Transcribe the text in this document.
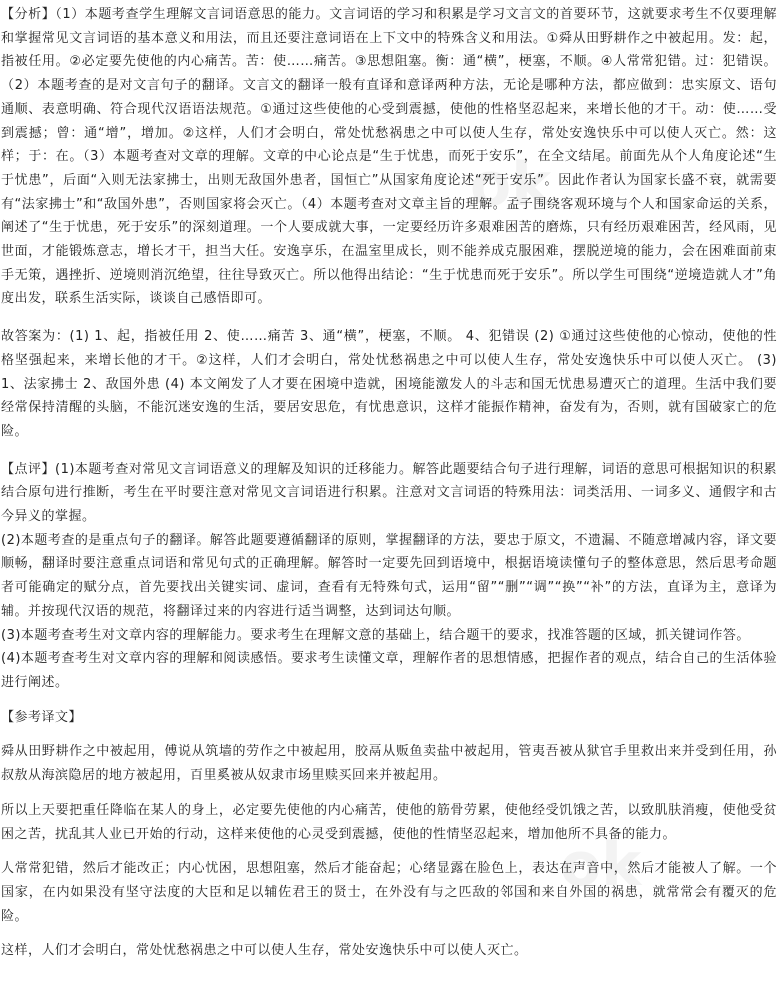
ok
ok

【分析】（1）本题考查学生理解文言词语意思的能力。文言词语的学习和积累是学习文言文的首要环节，这就要求考生不仅要理解和掌握常见文言词语的基本意义和用法，而且还要注意词语在上下文中的特殊含义和用法。①舜从田野耕作之中被起用。发：起，指被任用。②必定要先使他的内心痛苦。苦：使……痛苦。③思想阻塞。衡：通“横”，梗塞，不顺。④人常常犯错。过：犯错误。（2）本题考查的是对文言句子的翻译。文言文的翻译一般有直译和意译两种方法，无论是哪种方法，都应做到：忠实原文、语句通顺、表意明确、符合现代汉语语法规范。①通过这些使他的心受到震撼，使他的性格坚忍起来，来增长他的才干。动：使……受到震撼；曾：通“增”，增加。②这样，人们才会明白，常处忧愁祸患之中可以使人生存，常处安逸快乐中可以使人灭亡。然：这样；于：在。（3）本题考查对文章的理解。文章的中心论点是“生于忧患，而死于安乐”，在全文结尾。前面先从个人角度论述“生于忧患”，后面“入则无法家拂士，出则无敌国外患者，国恒亡”从国家角度论述“死于安乐”。因此作者认为国家长盛不衰，就需要有“法家拂士”和“敌国外患”，否则国家将会灭亡。（4）本题考查对文章主旨的理解。孟子围绕客观环境与个人和国家命运的关系，阐述了“生于忧患，死于安乐”的深刻道理。一个人要成就大事，一定要经历许多艰难困苦的磨炼，只有经历艰难困苦，经风雨，见世面，才能锻炼意志，增长才干，担当大任。安逸享乐，在温室里成长，则不能养成克服困难，摆脱逆境的能力，会在困难面前束手无策，遇挫折、逆境则消沉绝望，往往导致灭亡。所以他得出结论：“生于忧患而死于安乐”。所以学生可围绕“逆境造就人才”角度出发，联系生活实际，谈谈自己感悟即可。

故答案为：(1) 1、起，指被任用 2、使……痛苦 3、通“横”，梗塞，不顺。 4、犯错误 (2) ①通过这些使他的心惊动，使他的性格坚强起来，来增长他的才干。②这样，人们才会明白，常处忧愁祸患之中可以使人生存，常处安逸快乐中可以使人灭亡。 (3) 1、法家拂士 2、敌国外患 (4) 本文阐发了人才要在困境中造就，困境能激发人的斗志和国无忧患易遭灭亡的道理。生活中我们要经常保持清醒的头脑，不能沉迷安逸的生活，要居安思危，有忧患意识，这样才能振作精神，奋发有为，否则，就有国破家亡的危险。

【点评】(1)本题考查对常见文言词语意义的理解及知识的迁移能力。解答此题要结合句子进行理解，词语的意思可根据知识的积累结合原句进行推断，考生在平时要注意对常见文言词语进行积累。注意对文言词语的特殊用法：词类活用、一词多义、通假字和古今异义的掌握。

(2)本题考查的是重点句子的翻译。解答此题要遵循翻译的原则，掌握翻译的方法，要忠于原文，不遗漏、不随意增减内容，译文要顺畅，翻译时要注意重点词语和常见句式的正确理解。解答时一定要先回到语境中，根据语境读懂句子的整体意思，然后思考命题者可能确定的赋分点，首先要找出关键实词、虚词，查看有无特殊句式，运用“留”“删”“调”“换”“补”的方法，直译为主，意译为辅。并按现代汉语的规范，将翻译过来的内容进行适当调整，达到词达句顺。

(3)本题考查考生对文章内容的理解能力。要求考生在理解文意的基础上，结合题干的要求，找准答题的区域，抓关键词作答。

(4)本题考查考生对文章内容的理解和阅读感悟。要求考生读懂文章，理解作者的思想情感，把握作者的观点，结合自己的生活体验进行阐述。

【参考译文】

舜从田野耕作之中被起用，傅说从筑墙的劳作之中被起用，胶鬲从贩鱼卖盐中被起用，管夷吾被从狱官手里救出来并受到任用，孙叔敖从海滨隐居的地方被起用，百里奚被从奴隶市场里赎买回来并被起用。

所以上天要把重任降临在某人的身上，必定要先使他的内心痛苦，使他的筋骨劳累，使他经受饥饿之苦，以致肌肤消瘦，使他受贫困之苦，扰乱其人业已开始的行动，这样来使他的心灵受到震撼，使他的性情坚忍起来，增加他所不具备的能力。

人常常犯错，然后才能改正；内心忧困，思想阻塞，然后才能奋起；心绪显露在脸色上，表达在声音中，然后才能被人了解。一个国家，在内如果没有坚守法度的大臣和足以辅佐君王的贤士，在外没有与之匹敌的邻国和来自外国的祸患，就常常会有覆灭的危险。

这样，人们才会明白，常处忧愁祸患之中可以使人生存，常处安逸快乐中可以使人灭亡。
